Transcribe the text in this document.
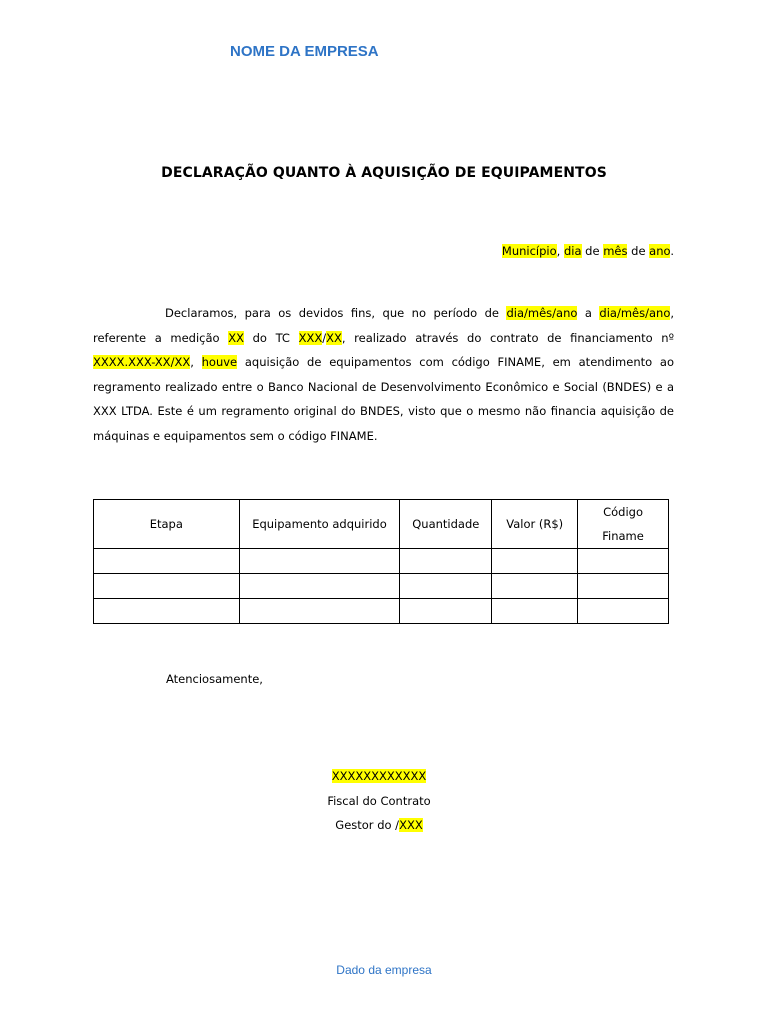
NOME DA EMPRESA
DECLARAÇÃO QUANTO À AQUISIÇÃO DE EQUIPAMENTOS
Município, dia de mês de ano.
Declaramos, para os devidos fins, que no período de dia/mês/ano a dia/mês/ano, referente a medição XX do TC XXX/XX, realizado através do contrato de financiamento nº XXXX.XXX-XX/XX, houve aquisição de equipamentos com código FINAME, em atendimento ao regramento realizado entre o Banco Nacional de Desenvolvimento Econômico e Social (BNDES) e a XXX LTDA. Este é um regramento original do BNDES, visto que o mesmo não financia aquisição de máquinas e equipamentos sem o código FINAME.
Etapa	Equipamento adquirido	Quantidade	Valor (R$)	Código Finame

Atenciosamente,
XXXXXXXXXXXX
Fiscal do Contrato
Gestor do /XXX
Dado da empresa
